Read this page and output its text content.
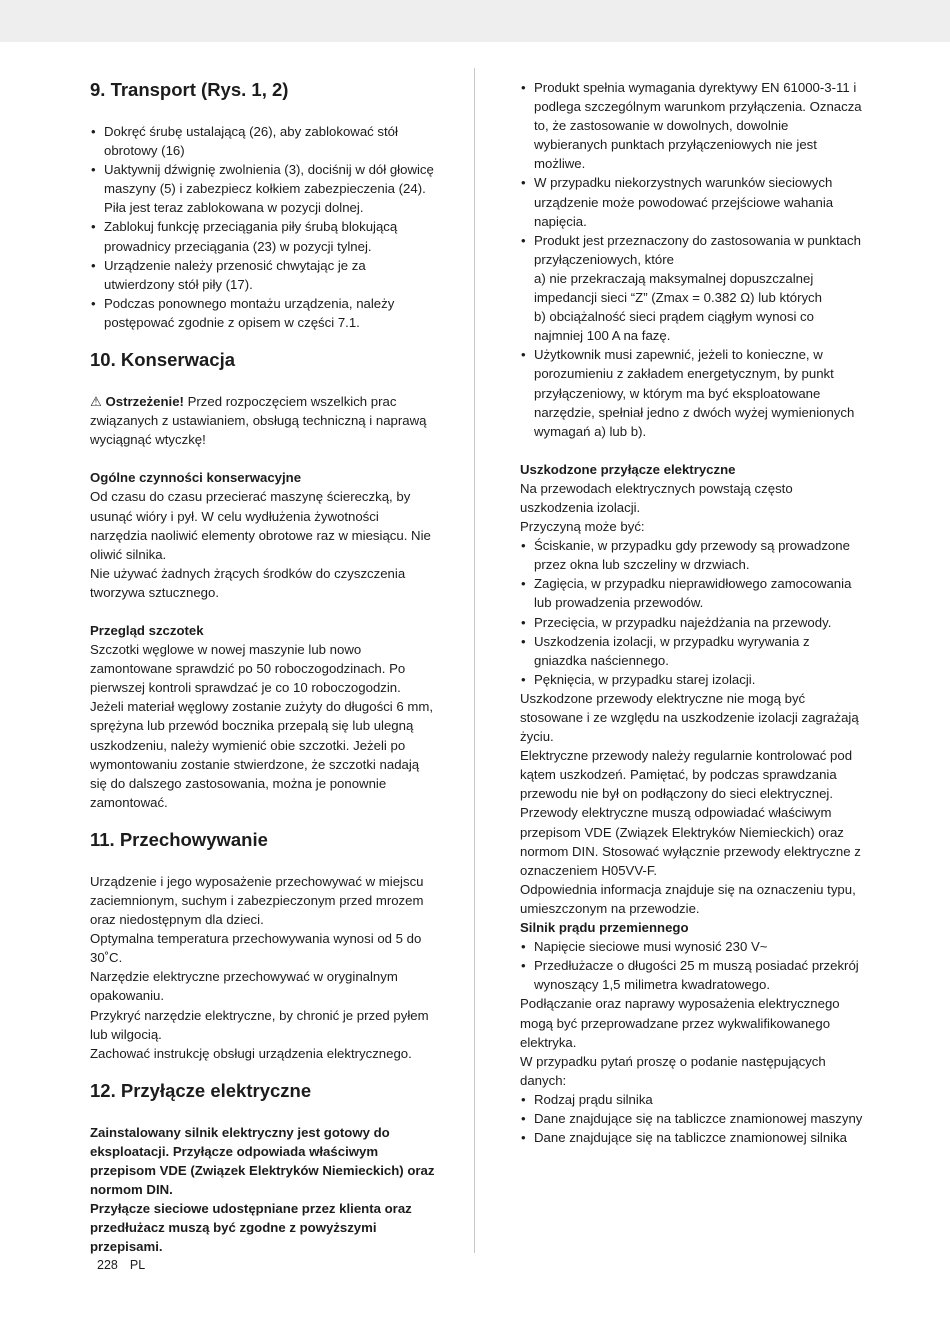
9. Transport (Rys. 1, 2)
• Dokręć śrubę ustalającą (26), aby zablokować stół obrotowy (16)
• Uaktywnij dźwignię zwolnienia (3), dociśnij w dół głowicę maszyny (5) i zabezpiecz kołkiem zabezpieczenia (24). Piła jest teraz zablokowana w pozycji dolnej.
• Zablokuj funkcję przeciągania piły śrubą blokującą prowadnicy przeciągania (23) w pozycji tylnej.
• Urządzenie należy przenosić chwytając je za utwierdzony stół piły (17).
• Podczas ponownego montażu urządzenia, należy postępować zgodnie z opisem w części 7.1.
10. Konserwacja

⚠ Ostrzeżenie! Przed rozpoczęciem wszelkich prac związanych z ustawianiem, obsługą techniczną i naprawą wyciągnąć wtyczkę!

Ogólne czynności konserwacyjne

Od czasu do czasu przecierać maszynę ściereczką, by usunąć wióry i pył. W celu wydłużenia żywotności narzędzia naoliwić elementy obrotowe raz w miesiącu. Nie oliwić silnika.

Nie używać żadnych żrących środków do czyszczenia tworzywa sztucznego.

Przegląd szczotek

Szczotki węglowe w nowej maszynie lub nowo zamontowane sprawdzić po 50 roboczogodzinach. Po pierwszej kontroli sprawdzać je co 10 roboczogodzin.

Jeżeli materiał węglowy zostanie zużyty do długości 6 mm, sprężyna lub przewód bocznika przepalą się lub ulegną uszkodzeniu, należy wymienić obie szczotki. Jeżeli po wymontowaniu zostanie stwierdzone, że szczotki nadają się do dalszego zastosowania, można je ponownie zamontować.

11. Przechowywanie

Urządzenie i jego wyposażenie przechowywać w miejscu zaciemnionym, suchym i zabezpieczonym przed mrozem oraz niedostępnym dla dzieci.

Optymalna temperatura przechowywania wynosi od 5 do 30˚C.

Narzędzie elektryczne przechowywać w oryginalnym opakowaniu.

Przykryć narzędzie elektryczne, by chronić je przed pyłem lub wilgocią.

Zachować instrukcję obsługi urządzenia elektrycznego.

12. Przyłącze elektryczne

Zainstalowany silnik elektryczny jest gotowy do eksploatacji. Przyłącze odpowiada właściwym przepisom VDE (Związek Elektryków Niemieckich) oraz normom DIN.

Przyłącze sieciowe udostępniane przez klienta oraz przedłużacz muszą być zgodne z powyższymi przepisami.

• Produkt spełnia wymagania dyrektywy EN 61000-3-11 i podlega szczególnym warunkom przyłączenia. Oznacza to, że zastosowanie w dowolnych, dowolnie wybieranych punktach przyłączeniowych nie jest możliwe.
• W przypadku niekorzystnych warunków sieciowych urządzenie może powodować przejściowe wahania napięcia.
• Produkt jest przeznaczony do zastosowania w punktach przyłączeniowych, które
a) nie przekraczają maksymalnej dopuszczalnej impedancji sieci “Z” (Zmax = 0.382 Ω) lub których
b) obciążalność sieci prądem ciągłym wynosi co najmniej 100 A na fazę.
• Użytkownik musi zapewnić, jeżeli to konieczne, w porozumieniu z zakładem energetycznym, by punkt przyłączeniowy, w którym ma być eksploatowane narzędzie, spełniał jedno z dwóch wyżej wymienionych wymagań a) lub b).

Uszkodzone przyłącze elektryczne

Na przewodach elektrycznych powstają często uszkodzenia izolacji.

Przyczyną może być:

• Ściskanie, w przypadku gdy przewody są prowadzone przez okna lub szczeliny w drzwiach.
• Zagięcia, w przypadku nieprawidłowego zamocowania lub prowadzenia przewodów.
• Przecięcia, w przypadku najeżdżania na przewody.
• Uszkodzenia izolacji, w przypadku wyrywania z gniazdka naściennego.
• Pęknięcia, w przypadku starej izolacji.

Uszkodzone przewody elektryczne nie mogą być stosowane i ze względu na uszkodzenie izolacji zagrażają życiu.

Elektryczne przewody należy regularnie kontrolować pod kątem uszkodzeń. Pamiętać, by podczas sprawdzania przewodu nie był on podłączony do sieci elektrycznej.

Przewody elektryczne muszą odpowiadać właściwym przepisom VDE (Związek Elektryków Niemieckich) oraz normom DIN. Stosować wyłącznie przewody elektryczne z oznaczeniem H05VV-F.

Odpowiednia informacja znajduje się na oznaczeniu typu, umieszczonym na przewodzie.

Silnik prądu przemiennego

• Napięcie sieciowe musi wynosić 230 V~
• Przedłużacze o długości 25 m muszą posiadać przekrój wynoszący 1,5 milimetra kwadratowego.

Podłączanie oraz naprawy wyposażenia elektrycznego mogą być przeprowadzane przez wykwalifikowanego elektryka.

W przypadku pytań proszę o podanie następujących danych:

• Rodzaj prądu silnika
• Dane znajdujące się na tabliczce znamionowej maszyny
• Dane znajdujące się na tabliczce znamionowej silnika
228 PL
